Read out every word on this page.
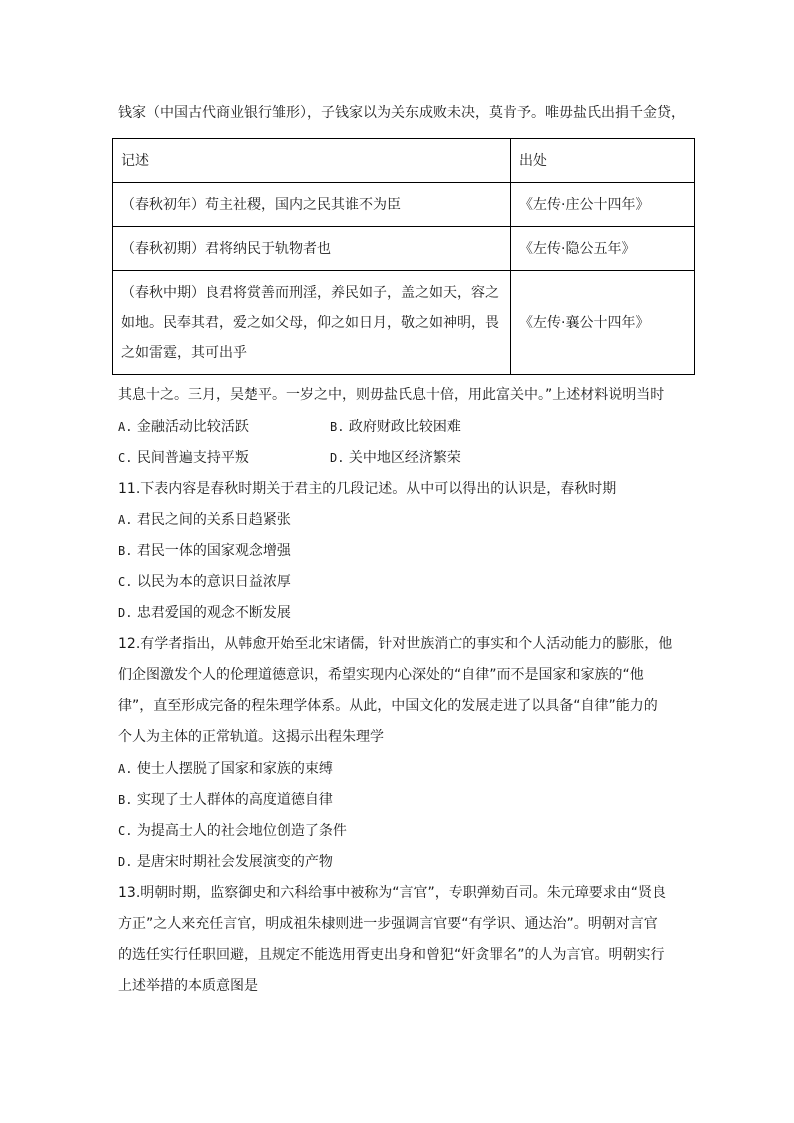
钱家（中国古代商业银行雏形），子钱家以为关东成败未决，莫肯予。唯毋盐氏出捐千金贷，
记述	出处
（春秋初年）苟主社稷，国内之民其谁不为臣	《左传·庄公十四年》
（春秋初期）君将纳民于轨物者也	《左传·隐公五年》

（春秋中期）良君将赏善而刑淫，养民如子，盖之如天，容之
如地。民奉其君，爱之如父母，仰之如日月，敬之如神明，畏
之如雷霆，其可出乎	《左传·襄公十四年》
其息十之。三月，吴楚平。一岁之中，则毋盐氏息十倍，用此富关中。”上述材料说明当时
A. 金融活动比较活跃	B. 政府财政比较困难
C. 民间普遍支持平叛	D. 关中地区经济繁荣
11.下表内容是春秋时期关于君主的几段记述。从中可以得出的认识是，春秋时期
A. 君民之间的关系日趋紧张
B. 君民一体的国家观念增强
C. 以民为本的意识日益浓厚
D. 忠君爱国的观念不断发展
12.有学者指出，从韩愈开始至北宋诸儒，针对世族消亡的事实和个人活动能力的膨胀，他
们企图激发个人的伦理道德意识，希望实现内心深处的“自律”而不是国家和家族的“他
律”，直至形成完备的程朱理学体系。从此，中国文化的发展走进了以具备“自律”能力的
个人为主体的正常轨道。这揭示出程朱理学
A. 使士人摆脱了国家和家族的束缚
B. 实现了士人群体的高度道德自律
C. 为提高士人的社会地位创造了条件
D. 是唐宋时期社会发展演变的产物
13.明朝时期，监察御史和六科给事中被称为“言官”，专职弹劾百司。朱元璋要求由“贤良
方正”之人来充任言官，明成祖朱棣则进一步强调言官要“有学识、通达治”。明朝对言官
的选任实行任职回避，且规定不能选用胥吏出身和曾犯“奸贪罪名”的人为言官。明朝实行
上述举措的本质意图是
